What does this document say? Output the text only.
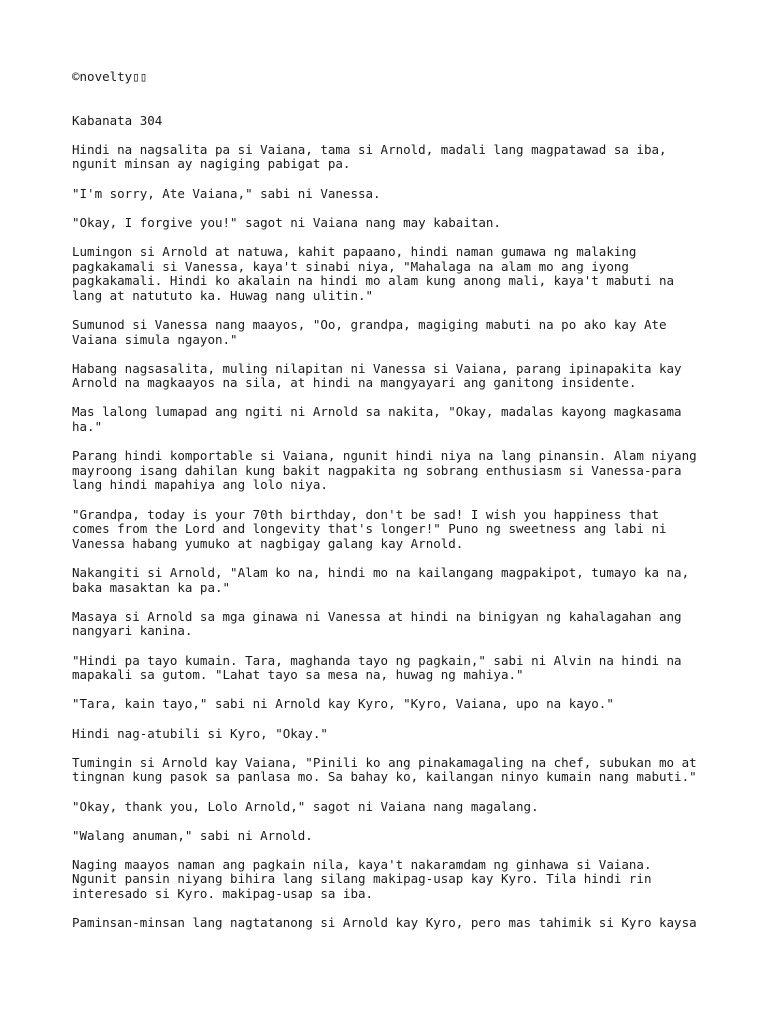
©novelty▯▯

Kabanata 304

Hindi na nagsalita pa si Vaiana, tama si Arnold, madali lang magpatawad sa iba,
ngunit minsan ay nagiging pabigat pa.

"I'm sorry, Ate Vaiana," sabi ni Vanessa.

"Okay, I forgive you!" sagot ni Vaiana nang may kabaitan.

Lumingon si Arnold at natuwa, kahit papaano, hindi naman gumawa ng malaking
pagkakamali si Vanessa, kaya't sinabi niya, "Mahalaga na alam mo ang iyong
pagkakamali. Hindi ko akalain na hindi mo alam kung anong mali, kaya't mabuti na
lang at natututo ka. Huwag nang ulitin."

Sumunod si Vanessa nang maayos, "Oo, grandpa, magiging mabuti na po ako kay Ate
Vaiana simula ngayon."

Habang nagsasalita, muling nilapitan ni Vanessa si Vaiana, parang ipinapakita kay
Arnold na magkaayos na sila, at hindi na mangyayari ang ganitong insidente.

Mas lalong lumapad ang ngiti ni Arnold sa nakita, "Okay, madalas kayong magkasama
ha."

Parang hindi komportable si Vaiana, ngunit hindi niya na lang pinansin. Alam niyang
mayroong isang dahilan kung bakit nagpakita ng sobrang enthusiasm si Vanessa-para
lang hindi mapahiya ang lolo niya.

"Grandpa, today is your 70th birthday, don't be sad! I wish you happiness that
comes from the Lord and longevity that's longer!" Puno ng sweetness ang labi ni
Vanessa habang yumuko at nagbigay galang kay Arnold.

Nakangiti si Arnold, "Alam ko na, hindi mo na kailangang magpakipot, tumayo ka na,
baka masaktan ka pa."

Masaya si Arnold sa mga ginawa ni Vanessa at hindi na binigyan ng kahalagahan ang
nangyari kanina.

"Hindi pa tayo kumain. Tara, maghanda tayo ng pagkain," sabi ni Alvin na hindi na
mapakali sa gutom. "Lahat tayo sa mesa na, huwag ng mahiya."

"Tara, kain tayo," sabi ni Arnold kay Kyro, "Kyro, Vaiana, upo na kayo."

Hindi nag-atubili si Kyro, "Okay."

Tumingin si Arnold kay Vaiana, "Pinili ko ang pinakamagaling na chef, subukan mo at
tingnan kung pasok sa panlasa mo. Sa bahay ko, kailangan ninyo kumain nang mabuti."

"Okay, thank you, Lolo Arnold," sagot ni Vaiana nang magalang.

"Walang anuman," sabi ni Arnold.

Naging maayos naman ang pagkain nila, kaya't nakaramdam ng ginhawa si Vaiana.
Ngunit pansin niyang bihira lang silang makipag-usap kay Kyro. Tila hindi rin
interesado si Kyro. makipag-usap sa iba.

Paminsan-minsan lang nagtatanong si Arnold kay Kyro, pero mas tahimik si Kyro kaysa
